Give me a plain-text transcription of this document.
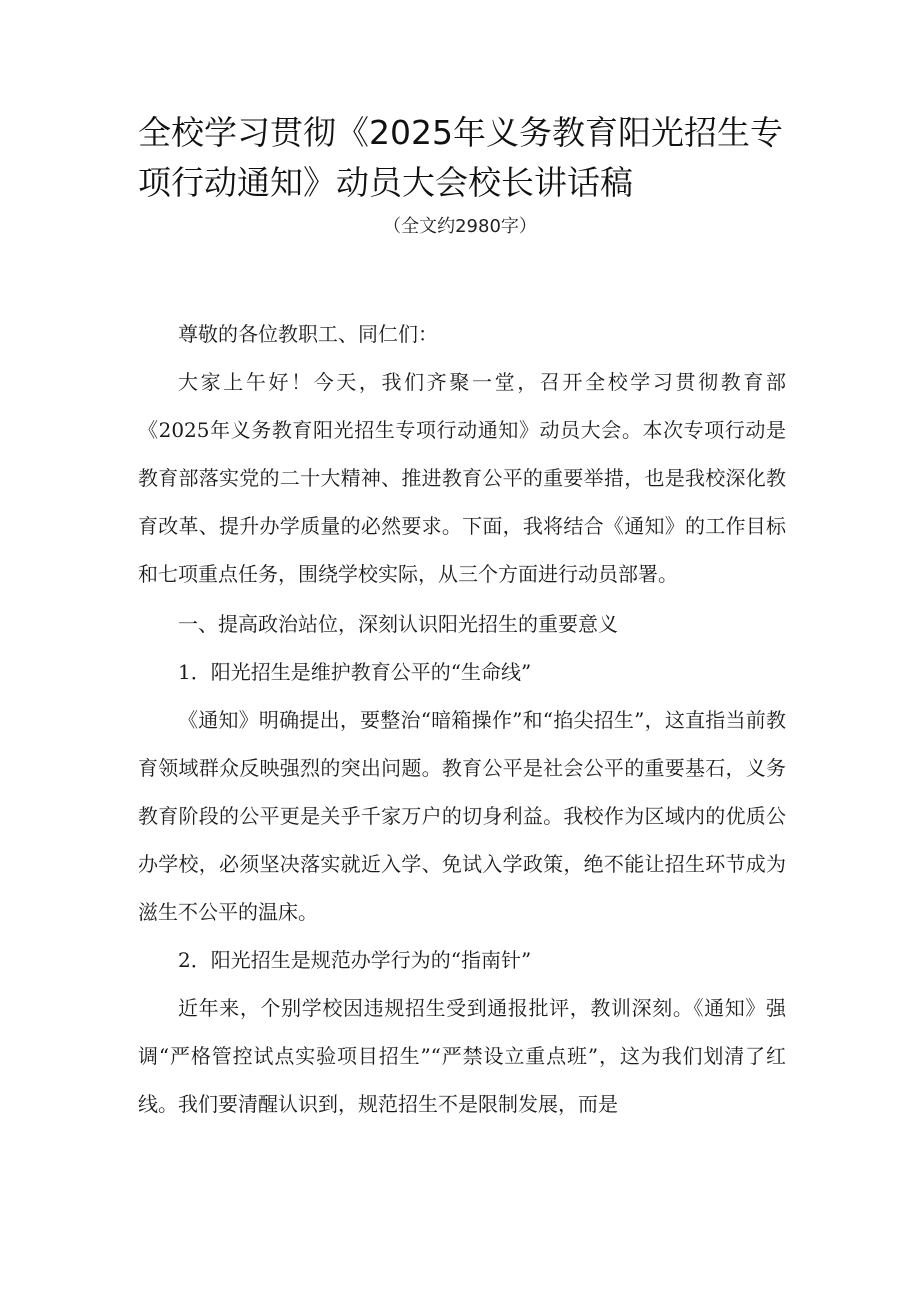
全校学习贯彻《2025年义务教育阳光招生专项行动通知》动员大会校长讲话稿
（全文约2980字）

尊敬的各位教职工、同仁们：

大家上午好！今天，我们齐聚一堂，召开全校学习贯彻教育部《2025年义务教育阳光招生专项行动通知》动员大会。本次专项行动是教育部落实党的二十大精神、推进教育公平的重要举措，也是我校深化教育改革、提升办学质量的必然要求。下面，我将结合《通知》的工作目标和七项重点任务，围绕学校实际，从三个方面进行动员部署。

一、提高政治站位，深刻认识阳光招生的重要意义

1．阳光招生是维护教育公平的“生命线”

《通知》明确提出，要整治“暗箱操作”和“掐尖招生”，这直指当前教育领域群众反映强烈的突出问题。教育公平是社会公平的重要基石，义务教育阶段的公平更是关乎千家万户的切身利益。我校作为区域内的优质公办学校，必须坚决落实就近入学、免试入学政策，绝不能让招生环节成为滋生不公平的温床。

2．阳光招生是规范办学行为的“指南针”

近年来，个别学校因违规招生受到通报批评，教训深刻。《通知》强调“严格管控试点实验项目招生”“严禁设立重点班”，这为我们划清了红线。我们要清醒认识到，规范招生不是限制发展，而是
